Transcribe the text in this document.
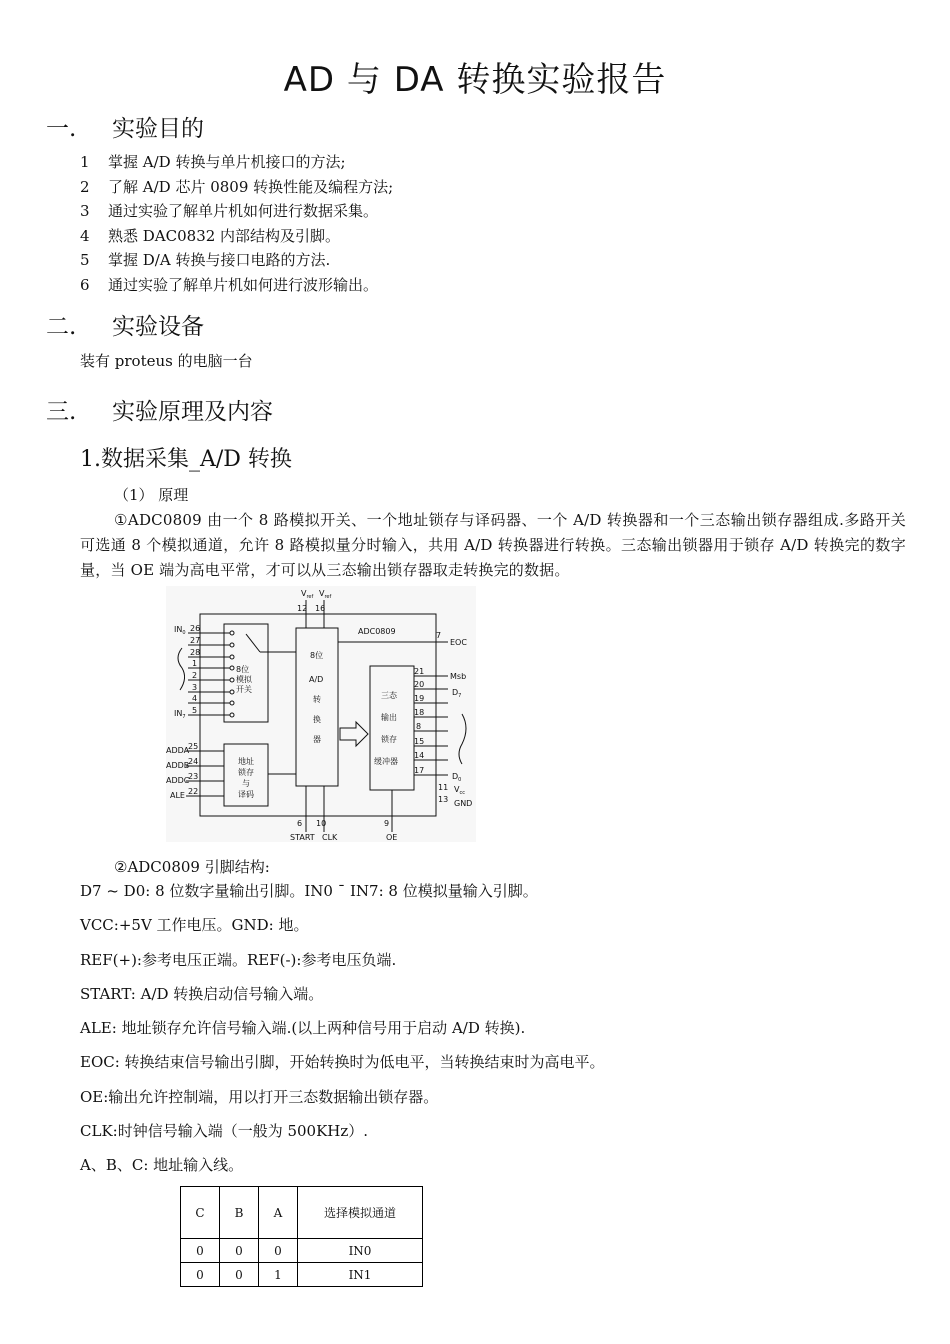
AD 与 DA 转换实验报告
一. 实验目的
1 掌握 A/D 转换与单片机接口的方法;
2 了解 A/D 芯片 0809 转换性能及编程方法;
3 通过实验了解单片机如何进行数据采集。
4 熟悉 DAC0832 内部结构及引脚。
5 掌握 D/A 转换与接口电路的方法.
6 通过实验了解单片机如何进行波形输出。
二. 实验设备
装有 proteus 的电脑一台
三. 实验原理及内容
1.数据采集_A/D 转换
（1） 原理
①ADC0809 由一个 8 路模拟开关、一个地址锁存与译码器、一个 A/D 转换器和一个三态输出锁存器组成.多路开关可选通 8 个模拟通道，允许 8 路模拟量分时输入，共用 A/D 转换器进行转换。三态输出锁器用于锁存 A/D 转换完的数字量，当 OE 端为高电平常，才可以从三态输出锁存器取走转换完的数据。
ADC0809
$V_{ref}$ $V_{ref}$
12 16
8位
模拟
开关
$IN_0$
$IN_7$
26
27
28
1
2
3
4
5
8位
A/D
转
换
器
三态
输出
锁存
缓冲器
地址
锁存
与
译码
ADDA
ADDB
ADDC
ALE
25
24
23
22
7
EOC
21
20
19
18
8
15
14
17
Msb
$D_7$
$D_0$
11 $V_{cc}$
13 GND
6 10	9
START CLK	OE
②ADC0809 引脚结构:
D7 ~ D0: 8 位数字量输出引脚。IN0 ¯ IN7: 8 位模拟量输入引脚。
VCC:+5V 工作电压。GND: 地。
REF(+):参考电压正端。REF(-):参考电压负端.
START: A/D 转换启动信号输入端。
ALE: 地址锁存允许信号输入端.(以上两种信号用于启动 A/D 转换).
EOC: 转换结束信号输出引脚，开始转换时为低电平，当转换结束时为高电平。
OE:输出允许控制端，用以打开三态数据输出锁存器。
CLK:时钟信号输入端（一般为 500KHz）.
A、B、C: 地址输入线。
C	B	A	选择模拟通道
0	0	0	IN0
0	0	1	IN1
